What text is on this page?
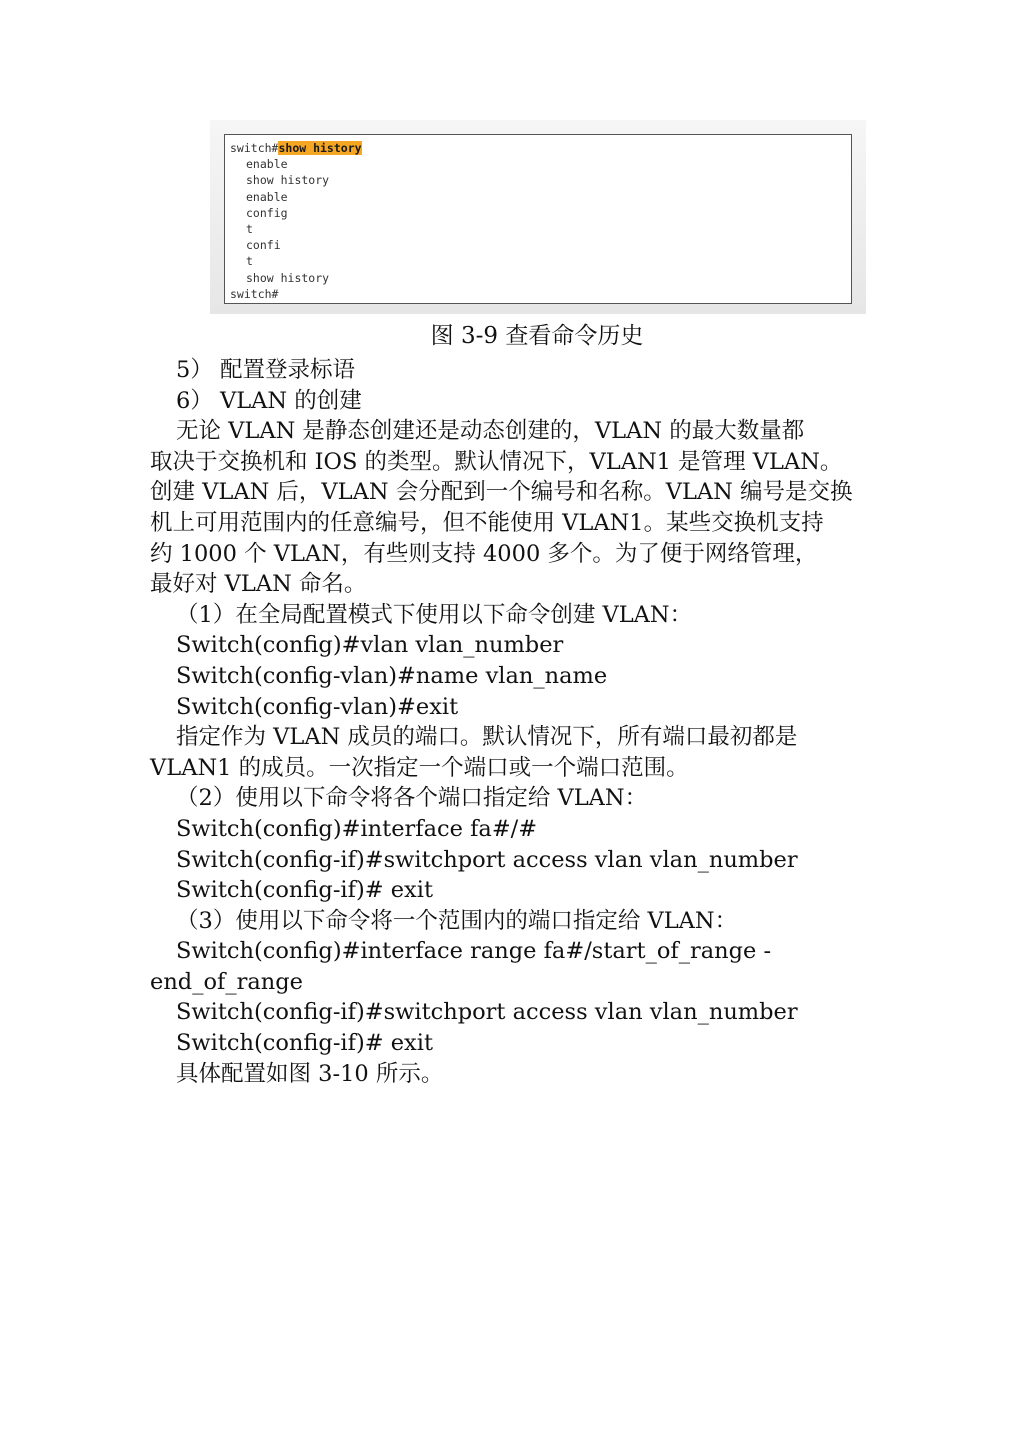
switch#show history
enable
show history
enable
config
t
confi
t
show history
switch#
图 3-9 查看命令历史
5） 配置登录标语
6） VLAN 的创建
无论 VLAN 是静态创建还是动态创建的，VLAN 的最大数量都
取决于交换机和 IOS 的类型。默认情况下，VLAN1 是管理 VLAN。
创建 VLAN 后，VLAN 会分配到一个编号和名称。VLAN 编号是交换
机上可用范围内的任意编号，但不能使用 VLAN1。某些交换机支持
约 1000 个 VLAN，有些则支持 4000 多个。为了便于网络管理，
最好对 VLAN 命名。
（1）在全局配置模式下使用以下命令创建 VLAN：
Switch(config)#vlan vlan_number
Switch(config-vlan)#name vlan_name
Switch(config-vlan)#exit
指定作为 VLAN 成员的端口。默认情况下，所有端口最初都是
VLAN1 的成员。一次指定一个端口或一个端口范围。
（2）使用以下命令将各个端口指定给 VLAN：
Switch(config)#interface fa#/#
Switch(config-if)#switchport access vlan vlan_number
Switch(config-if)# exit
（3）使用以下命令将一个范围内的端口指定给 VLAN：
Switch(config)#interface range fa#/start_of_range -
end_of_range
Switch(config-if)#switchport access vlan vlan_number
Switch(config-if)# exit
具体配置如图 3-10 所示。
